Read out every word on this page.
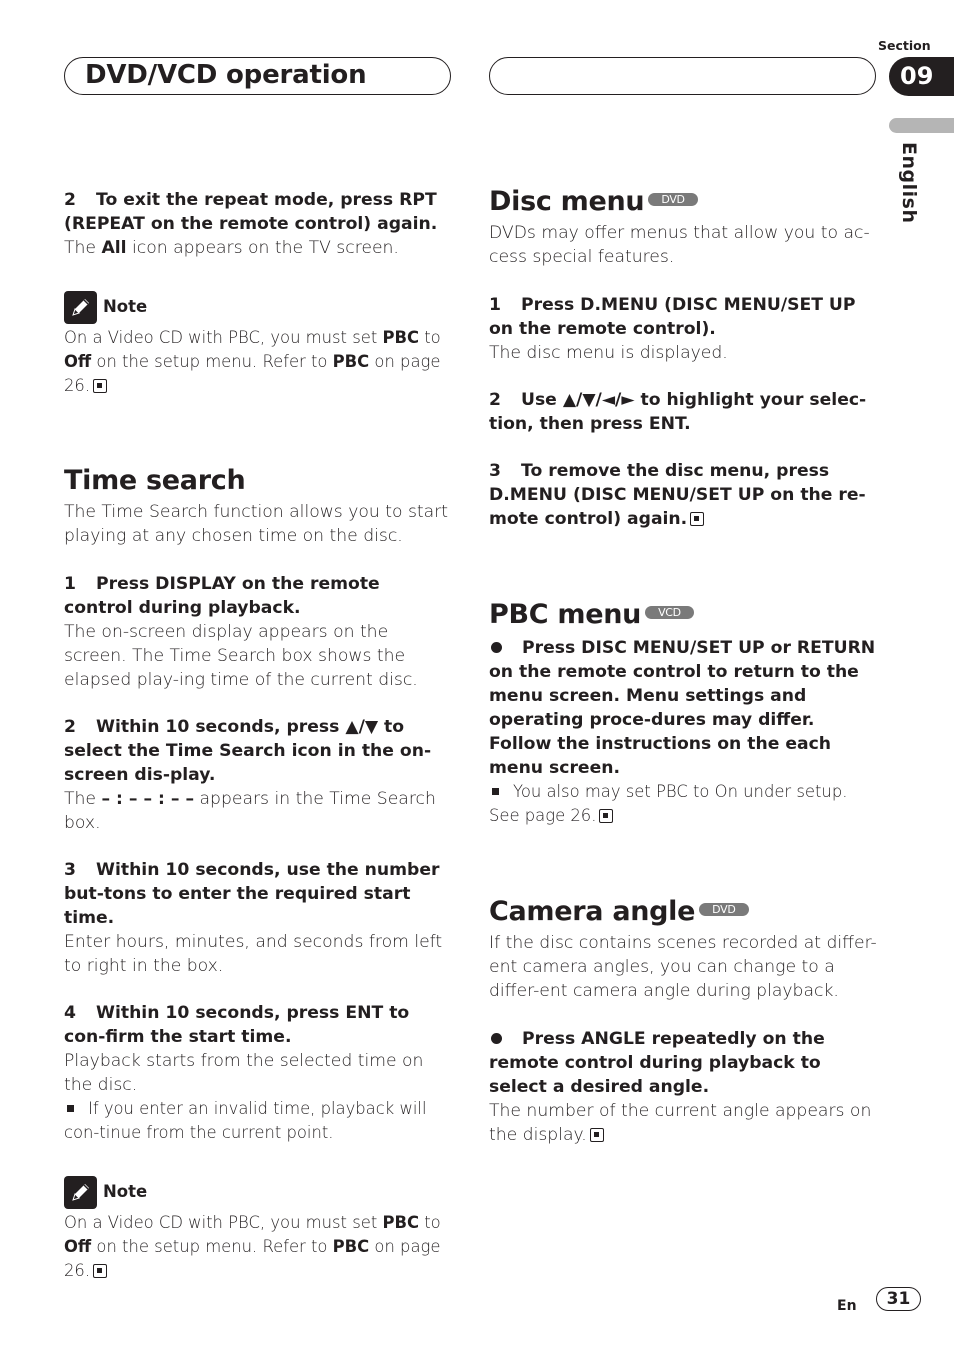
DVD/VCD operation
Section
09
English

2 To exit the repeat mode, press RPT (REPEAT on the remote control) again.

The All icon appears on the TV screen.

Note

On a Video CD with PBC, you must set PBC to
Off on the setup menu. Refer to PBC on page
26.

Time search

The Time Search function allows you to start playing at any chosen time on the disc.

1 Press DISPLAY on the remote control during playback.

The on-screen display appears on the screen. The Time Search box shows the elapsed play-ing time of the current disc.

2 Within 10 seconds, press ▲/▼ to select the Time Search icon in the on-screen dis-play.

The – : – – : – – appears in the Time Search box.

3 Within 10 seconds, use the number but-tons to enter the required start time.

Enter hours, minutes, and seconds from left to right in the box.

4 Within 10 seconds, press ENT to con-firm the start time.

Playback starts from the selected time on the disc.

If you enter an invalid time, playback will con-tinue from the current point.

Note

On a Video CD with PBC, you must set PBC to
Off on the setup menu. Refer to PBC on page
26.

Disc menu DVD

DVDs may offer menus that allow you to ac-cess special features.

1 Press D.MENU (DISC MENU/SET UP on the remote control).

The disc menu is displayed.

2 Use ▲/▼/◄/► to highlight your selec-tion, then press ENT.

3 To remove the disc menu, press D.MENU (DISC MENU/SET UP on the re-mote control) again.

PBC menu VCD

Press DISC MENU/SET UP or RETURN on the remote control to return to the menu screen. Menu settings and operating proce-dures may differ. Follow the instructions on the each menu screen.

You also may set PBC to On under setup. See page 26.

Camera angle DVD

If the disc contains scenes recorded at differ-ent camera angles, you can change to a differ-ent camera angle during playback.

Press ANGLE repeatedly on the remote control during playback to select a desired angle.

The number of the current angle appears on the display.

En	31
